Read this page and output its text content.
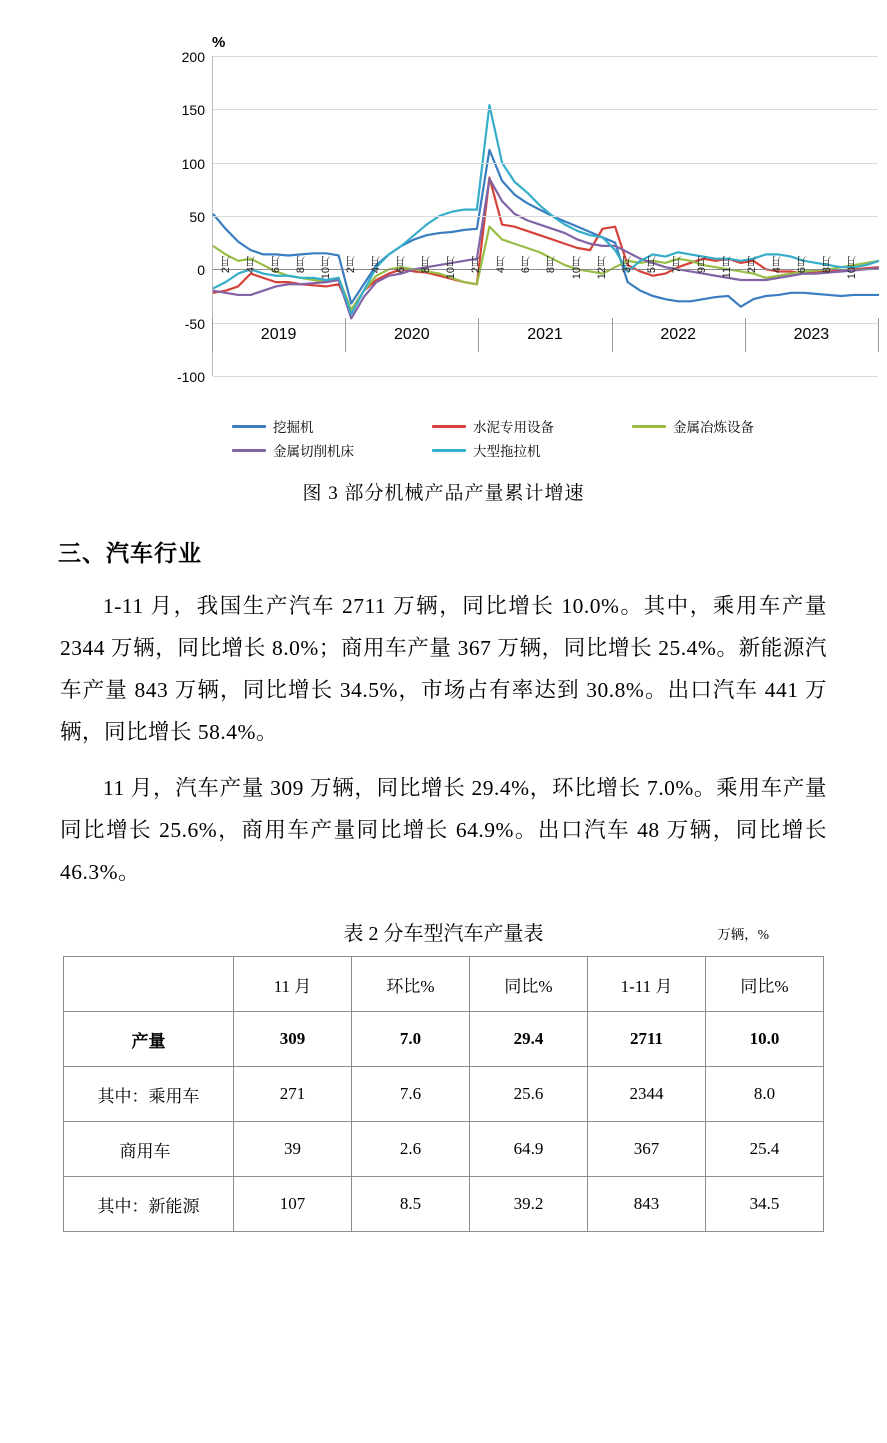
%
200
150
100
50
0
-50
-100
2月 4月 6月 8月 10月 2月 4月 6月 8月 10月 2月 4月 6月 8月 10月 12月 3月 5月 7月 9月 11月 2月 4月 6月 8月 10月
2019	2020	2021	2022	2023
挖掘机	水泥专用设备	金属冶炼设备
金属切削机床	大型拖拉机
图 3 部分机械产品产量累计增速
三、汽车行业

1-11 月，我国生产汽车 2711 万辆，同比增长 10.0%。其中，乘用车产量 2344 万辆，同比增长 8.0%；商用车产量 367 万辆，同比增长 25.4%。新能源汽车产量 843 万辆，同比增长 34.5%，市场占有率达到 30.8%。出口汽车 441 万辆，同比增长 58.4%。

11 月，汽车产量 309 万辆，同比增长 29.4%，环比增长 7.0%。乘用车产量同比增长 25.6%，商用车产量同比增长 64.9%。出口汽车 48 万辆，同比增长 46.3%。

表 2 分车型汽车产量表	万辆，%
	11 月	环比%	同比%	1-11 月	同比%
产量	309	7.0	29.4	2711	10.0
其中：乘用车	271	7.6	25.6	2344	8.0
商用车	39	2.6	64.9	367	25.4
其中：新能源	107	8.5	39.2	843	34.5
